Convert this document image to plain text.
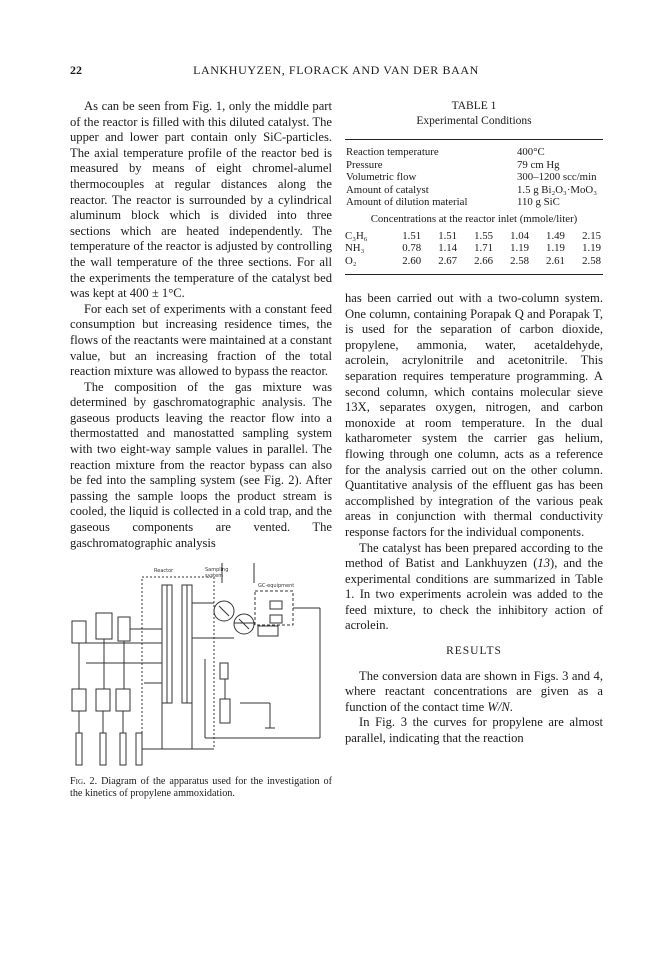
22	LANKHUYZEN, FLORACK AND VAN DER BAAN

As can be seen from Fig. 1, only the middle part of the reactor is filled with this diluted catalyst. The upper and lower part contain only SiC-particles. The axial temperature profile of the reactor bed is measured by means of eight chromel-alumel thermocouples at regular distances along the reactor. The reactor is surrounded by a cylindrical aluminum block which is divided into three sections which are heated independently. The temperature of the reactor is adjusted by controlling the wall temperature of the three sections. For all the experiments the temperature of the catalyst bed was kept at 400 ± 1°C.

For each set of experiments with a constant feed consumption but increasing residence times, the flows of the reactants were maintained at a constant value, but an increasing fraction of the total reaction mixture was allowed to bypass the reactor.

The composition of the gas mixture was determined by gaschromatographic analysis. The gaseous products leaving the reactor flow into a thermostatted and manostatted sampling system with two eight-way sample values in parallel. The reaction mixture from the reactor bypass can also be fed into the sampling system (see Fig. 2). After passing the sample loops the product stream is cooled, the liquid is collected in a cold trap, and the gaseous components are vented. The gaschromatographic analysis

Reactor	Sampling
system
GC-equipment
Fig. 2. Diagram of the apparatus used for the investigation of the kinetics of propylene ammoxidation.
TABLE 1
Experimental Conditions
Reaction temperature	400°C
Pressure	79 cm Hg
Volumetric flow	300–1200 scc/min
Amount of catalyst	1.5 g Bi₂O₃·MoO₃
Amount of dilution material	110 g SiC
Concentrations at the reactor inlet (mmole/liter)
C₃H₆	1.51	1.51	1.55	1.04	1.49	2.15
NH₃	0.78	1.14	1.71	1.19	1.19	1.19
O₂	2.60	2.67	2.66	2.58	2.61	2.58

has been carried out with a two-column system. One column, containing Porapak Q and Porapak T, is used for the separation of carbon dioxide, propylene, ammonia, water, acetaldehyde, acrolein, acrylonitrile and acetonitrile. This separation requires temperature programming. A second column, which contains molecular sieve 13X, separates oxygen, nitrogen, and carbon monoxide at room temperature. In the dual katharometer system the carrier gas helium, flowing through one column, acts as a reference for the analysis carried out on the other column. Quantitative analysis of the effluent gas has been accomplished by integration of the various peak areas in conjunction with thermal conductivity response factors for the individual components.

The catalyst has been prepared according to the method of Batist and Lankhuyzen (13), and the experimental conditions are summarized in Table 1. In two experiments acrolein was added to the feed mixture, to check the inhibitory action of acrolein.

RESULTS

The conversion data are shown in Figs. 3 and 4, where reactant concentrations are given as a function of the contact time W/N.

In Fig. 3 the curves for propylene are almost parallel, indicating that the reaction
